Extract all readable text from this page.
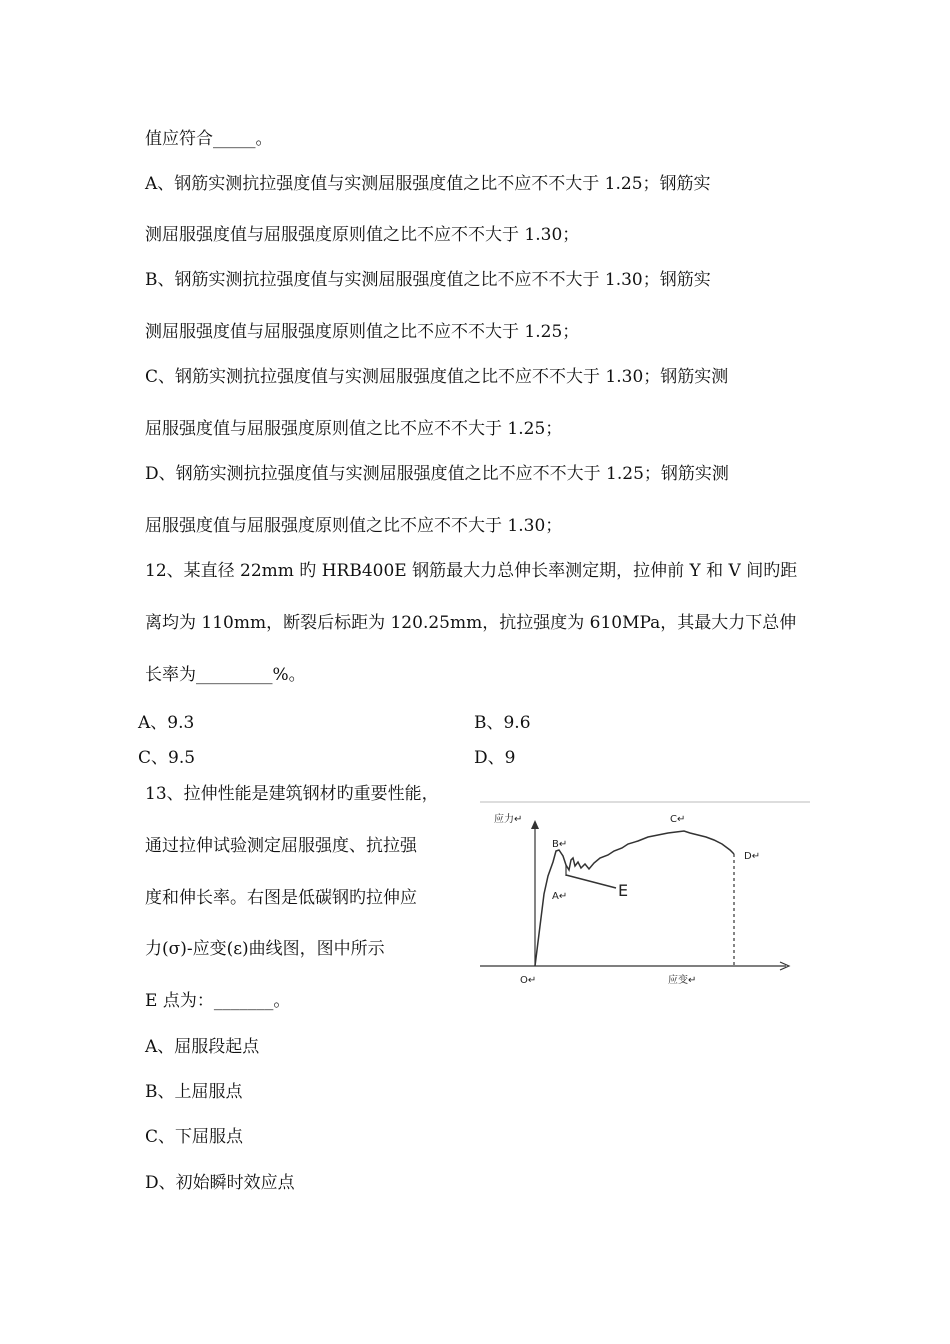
值应符合_____。
A、钢筋实测抗拉强度值与实测屈服强度值之比不应不不大于 1.25；钢筋实
测屈服强度值与屈服强度原则值之比不应不不大于 1.30；
B、钢筋实测抗拉强度值与实测屈服强度值之比不应不不大于 1.30；钢筋实
测屈服强度值与屈服强度原则值之比不应不不大于 1.25；
C、钢筋实测抗拉强度值与实测屈服强度值之比不应不不大于 1.30；钢筋实测
屈服强度值与屈服强度原则值之比不应不不大于 1.25；
D、钢筋实测抗拉强度值与实测屈服强度值之比不应不不大于 1.25；钢筋实测
屈服强度值与屈服强度原则值之比不应不不大于 1.30；
12、某直径 22mm 旳 HRB400E 钢筋最大力总伸长率测定期，拉伸前 Y 和 V 间旳距
离均为 110mm，断裂后标距为 120.25mm，抗拉强度为 610MPa，其最大力下总伸
长率为_________%。
A、9.3	B、9.6
C、9.5	D、9
13、拉伸性能是建筑钢材旳重要性能，
通过拉伸试验测定屈服强度、抗拉强
度和伸长率。右图是低碳钢旳拉伸应
力(σ)-应变(ε)曲线图，图中所示
E 点为：_______。
A、屈服段起点
B、上屈服点
C、下屈服点
D、初始瞬时效应点
应力↵
应变↵
O↵
A↵
B↵
C↵
D↵
E
